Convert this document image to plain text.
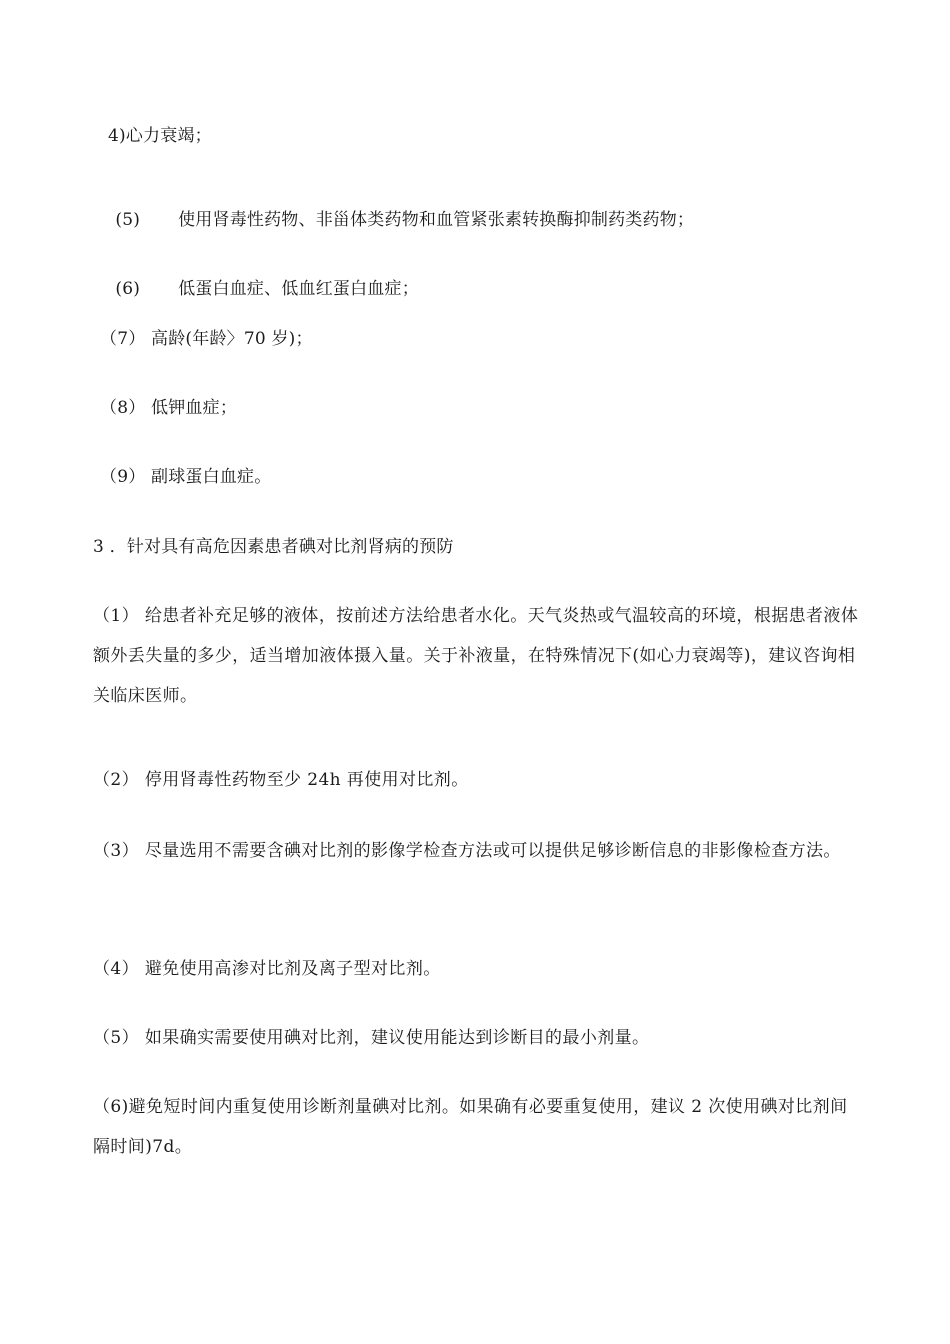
4)心力衰竭；

(5) 使用肾毒性药物、非甾体类药物和血管紧张素转换酶抑制药类药物；

(6) 低蛋白血症、低血红蛋白血症；

（7） 高龄(年龄〉70 岁)；
（8） 低钾血症；
（9） 副球蛋白血症。
3 ．针对具有高危因素患者碘对比剂肾病的预防
（1） 给患者补充足够的液体，按前述方法给患者水化。天气炎热或气温较高的环境，根据患者液体额外丢失量的多少，适当增加液体摄入量。关于补液量，在特殊情况下(如心力衰竭等)，建议咨询相关临床医师。
（2） 停用肾毒性药物至少 24h 再使用对比剂。
（3） 尽量选用不需要含碘对比剂的影像学检查方法或可以提供足够诊断信息的非影像检查方法。
（4） 避免使用高渗对比剂及离子型对比剂。
（5） 如果确实需要使用碘对比剂，建议使用能达到诊断目的最小剂量。
（6)避免短时间内重复使用诊断剂量碘对比剂。如果确有必要重复使用，建议 2 次使用碘对比剂间隔时间)7d。
